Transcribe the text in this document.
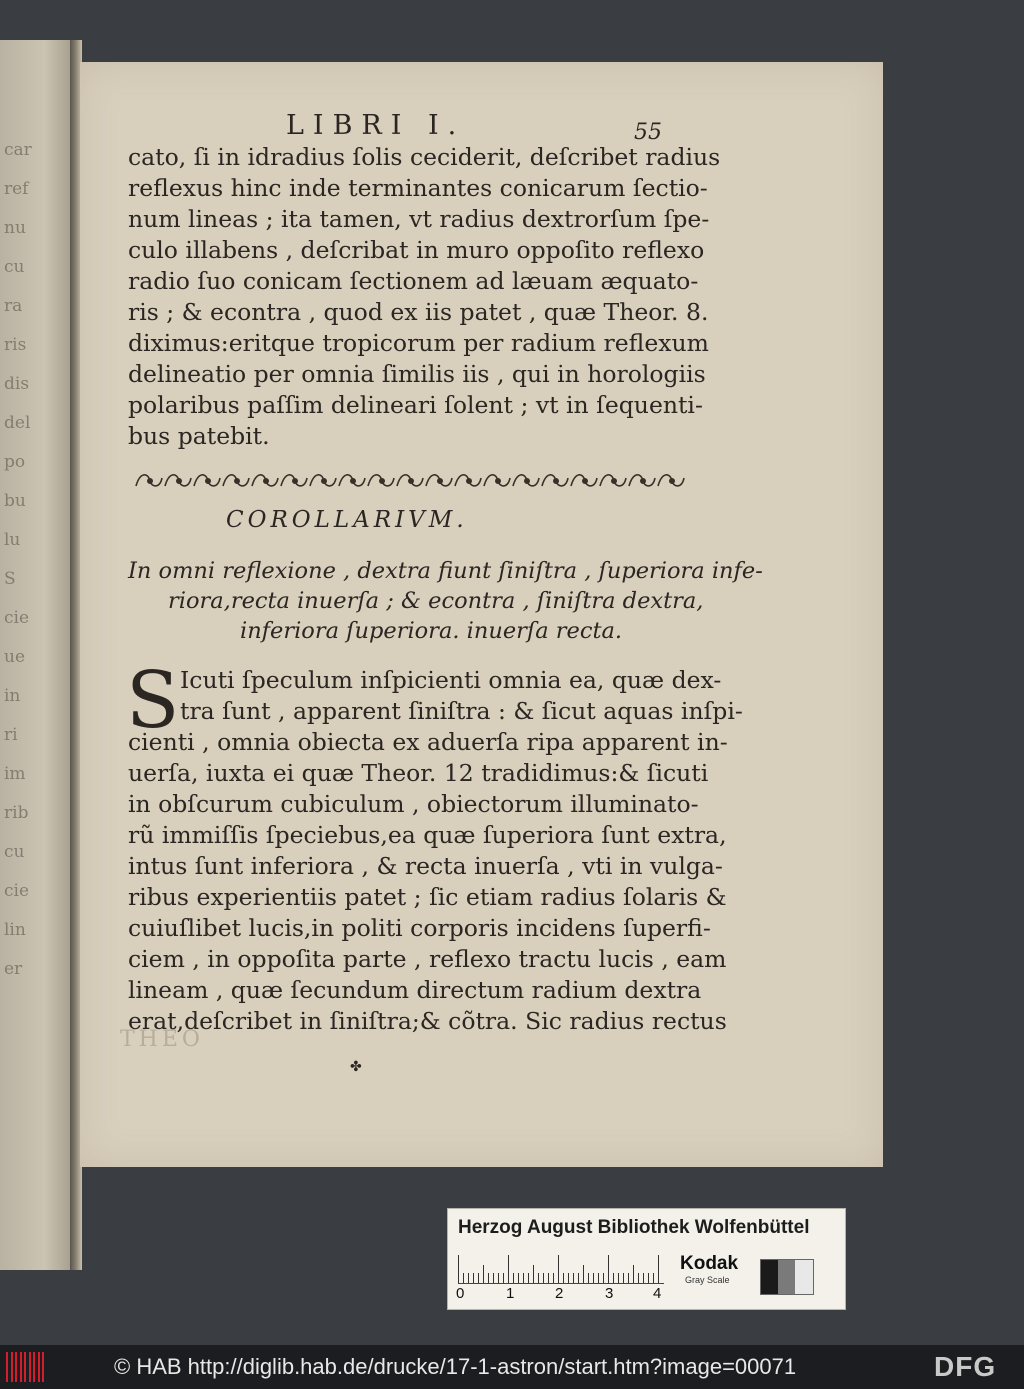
LIBRI I.	55
cato, ſi in idradius ſolis ceciderit, deſcribet radius
reflexus hinc inde terminantes conicarum ſectio-
num lineas ; ita tamen, vt radius dextrorſum ſpe-
culo illabens , deſcribat in muro oppoſito reflexo
radio ſuo conicam ſectionem ad læuam æquato-
ris ; & econtra , quod ex iis patet , quæ Theor. 8.
diximus:eritque tropicorum per radium reflexum
delineatio per omnia ſimilis iis , qui in horologiis
polaribus paſſim delineari ſolent ; vt in ſequenti-
bus patebit.
COROLLARIVM.
In omni reflexione , dextra fiunt ſiniſtra , ſuperiora infe-
riora,recta inuerſa ; & econtra , ſiniſtra dextra,
inferiora ſuperiora. inuerſa recta.
S Icuti ſpeculum inſpicienti omnia ea, quæ dex-
tra ſunt , apparent ſiniſtra : & ſicut aquas inſpi-
cienti , omnia obiecta ex aduerſa ripa apparent in-
uerſa, iuxta ei quæ Theor. 12 tradidimus:& ſicuti
in obſcurum cubiculum , obiectorum illuminato-
rũ immiſſis ſpeciebus,ea quæ ſuperiora ſunt extra,
intus ſunt inferiora , & recta inuerſa , vti in vulga-
ribus experientiis patet ; ſic etiam radius ſolaris &
cuiuſlibet lucis,in politi corporis incidens ſuperfi-
ciem , in oppoſita parte , reflexo tractu lucis , eam
lineam , quæ ſecundum directum radium dextra
erat,deſcribet in ſiniſtra;& cõtra. Sic radius rectus
THEO
✤
car
ref
nu
cu
ra
ris
dis
del
po
bu
lu
S
cie
ue
in
ri
im
rib
cu
cie
lin
er
Herzog August Bibliothek Wolfenbüttel
0	1	2	3	4
Kodak
Gray Scale
© HAB http://diglib.hab.de/drucke/17-1-astron/start.htm?image=00071	DFG
